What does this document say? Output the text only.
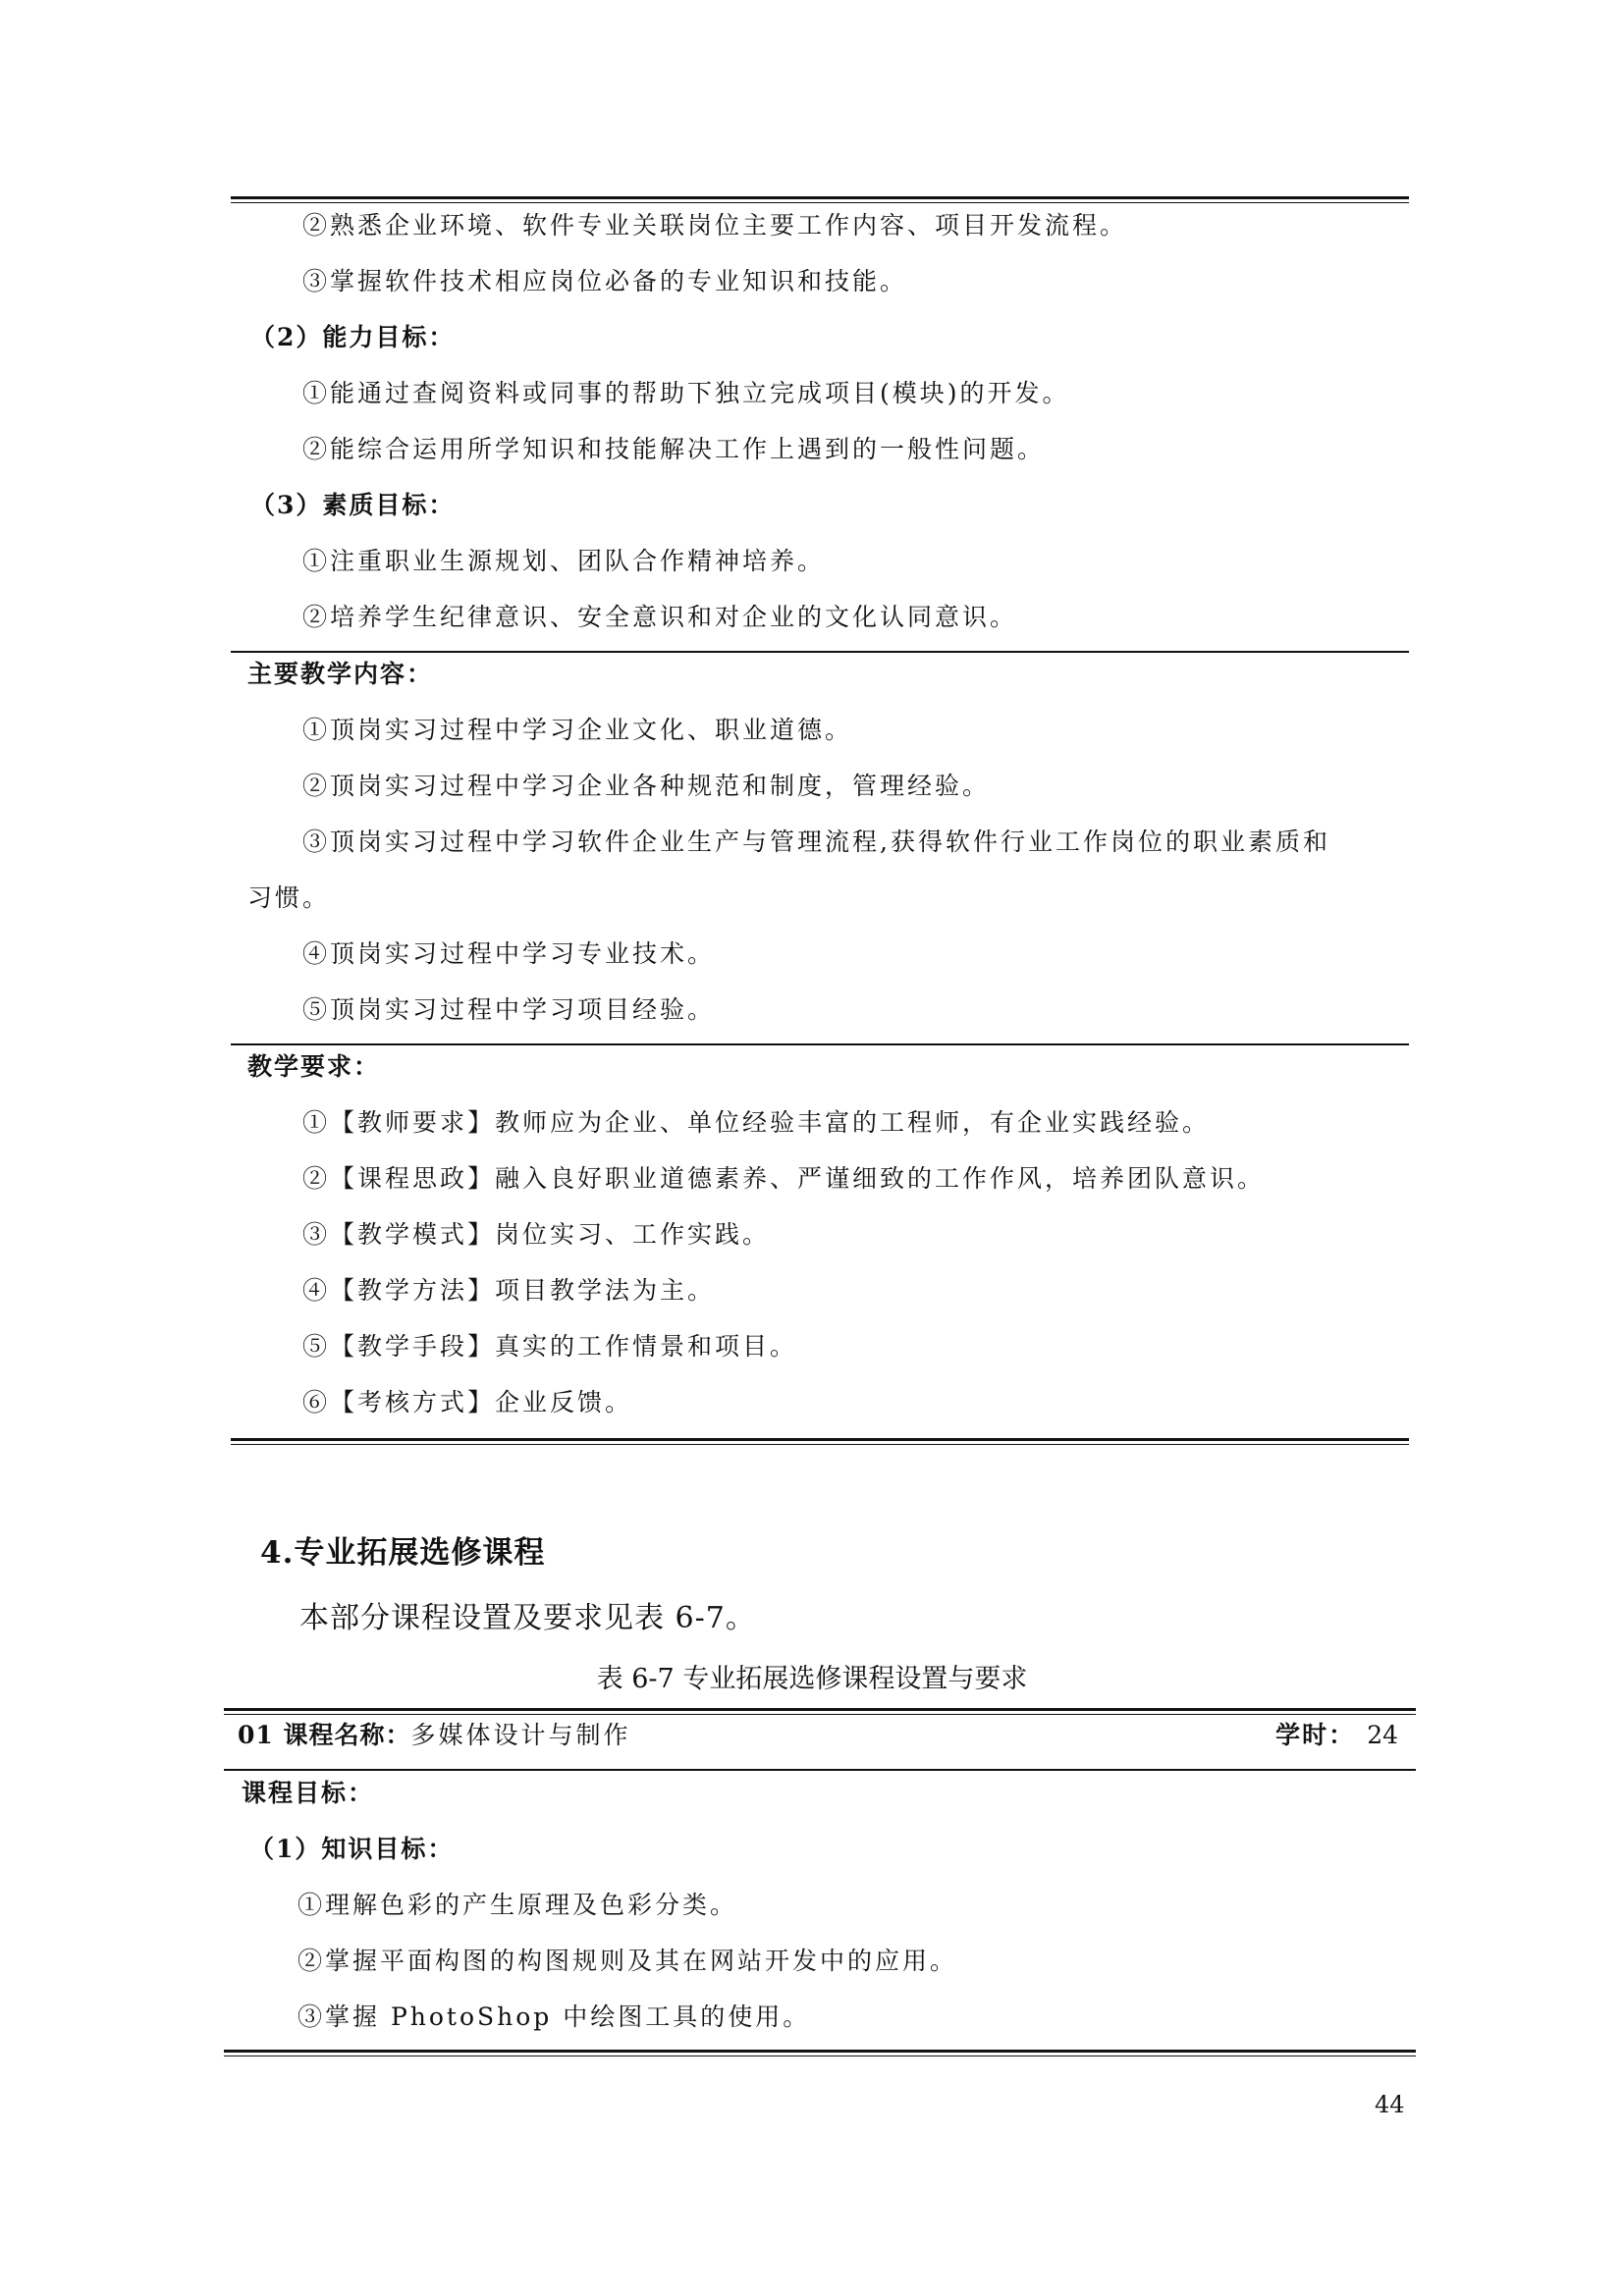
②熟悉企业环境、软件专业关联岗位主要工作内容、项目开发流程。
③掌握软件技术相应岗位必备的专业知识和技能。
（2）能力目标：
①能通过查阅资料或同事的帮助下独立完成项目(模块)的开发。
②能综合运用所学知识和技能解决工作上遇到的一般性问题。
（3）素质目标：
①注重职业生源规划、团队合作精神培养。
②培养学生纪律意识、安全意识和对企业的文化认同意识。
主要教学内容：
①顶岗实习过程中学习企业文化、职业道德。
②顶岗实习过程中学习企业各种规范和制度，管理经验。
③顶岗实习过程中学习软件企业生产与管理流程,获得软件行业工作岗位的职业素质和
习惯。
④顶岗实习过程中学习专业技术。
⑤顶岗实习过程中学习项目经验。
教学要求：
①【教师要求】教师应为企业、单位经验丰富的工程师，有企业实践经验。
②【课程思政】融入良好职业道德素养、严谨细致的工作作风，培养团队意识。
③【教学模式】岗位实习、工作实践。
④【教学方法】项目教学法为主。
⑤【教学手段】真实的工作情景和项目。
⑥【考核方式】企业反馈。
4.专业拓展选修课程
本部分课程设置及要求见表 6-7。
表 6-7 专业拓展选修课程设置与要求
01 课程名称：多媒体设计与制作	学时： 24
课程目标：
（1）知识目标：
①理解色彩的产生原理及色彩分类。
②掌握平面构图的构图规则及其在网站开发中的应用。
③掌握 PhotoShop 中绘图工具的使用。
44
